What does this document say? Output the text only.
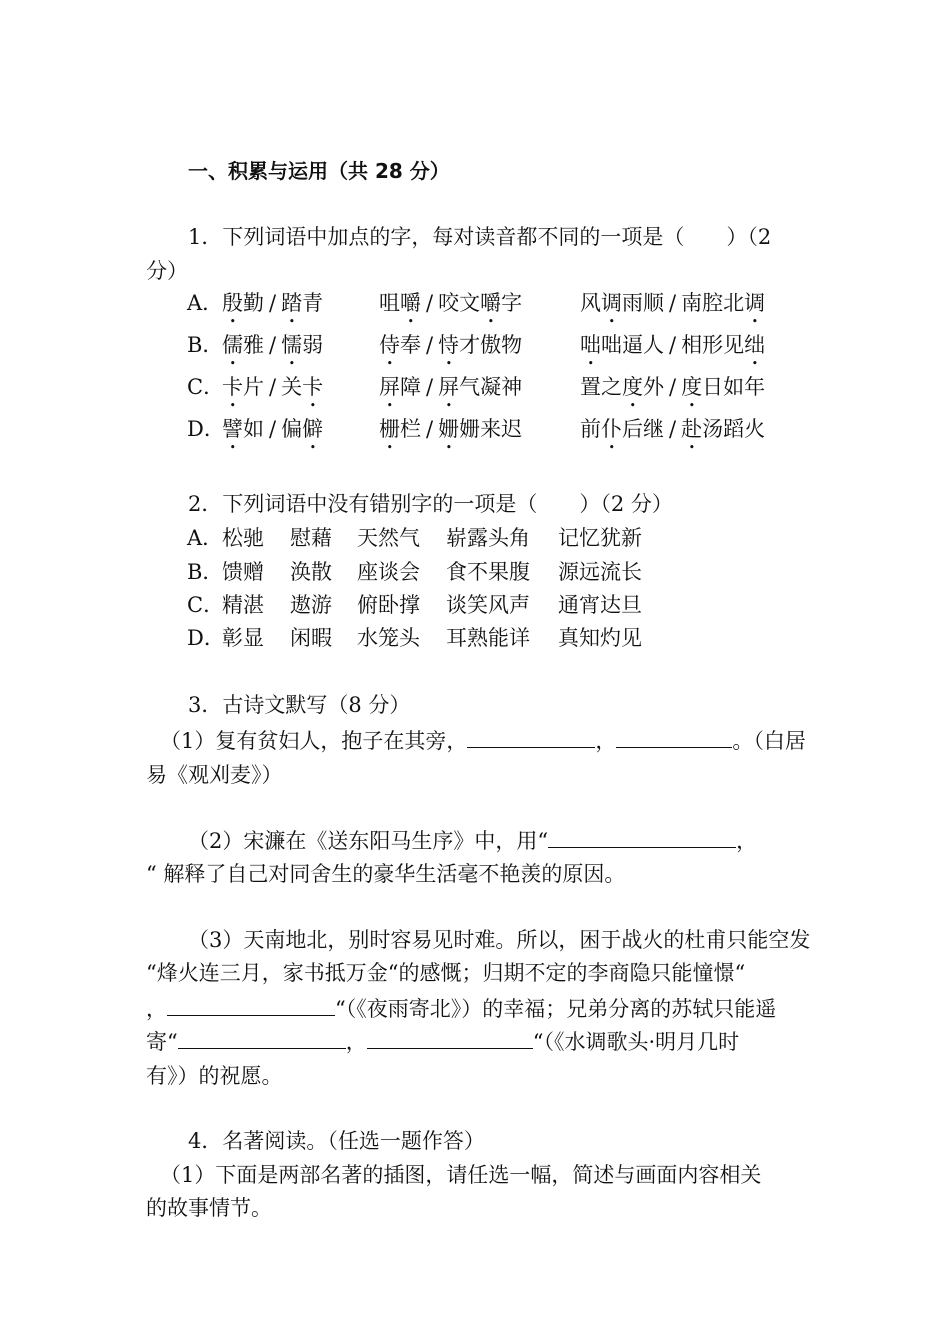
一、积累与运用（共 28 分）
1．下列词语中加点的字，每对读音都不同的一项是（　　）（2
分）
A．
殷勤 / 踏青	咀嚼 / 咬文嚼字	风调雨顺 / 南腔北调
B．
儒雅 / 懦弱	侍奉 / 恃才傲物	咄咄逼人 / 相形见绌
C．
卡片 / 关卡	屏障 / 屏气凝神	置之度外 / 度日如年
D．
譬如 / 偏僻	栅栏 / 姗姗来迟	前仆后继 / 赴汤蹈火
2．下列词语中没有错别字的一项是（　　）（2 分）
A．
松驰 慰藉 天然气 崭露头角 记忆犹新
B．
馈赠 涣散 座谈会 食不果腹 源远流长
C．
精湛 遨游 俯卧撑 谈笑风声 通宵达旦
D．
彰显 闲暇 水笼头 耳熟能详 真知灼见
3．古诗文默写（8 分）
（1）复有贫妇人，抱子在其旁，	，	。（白居
易《观刈麦》）
（2）宋濂在《送东阳马生序》中，用“	，
“ 解释了自己对同舍生的豪华生活毫不艳羡的原因。
（3）天南地北，别时容易见时难。所以，困于战火的杜甫只能空发
“烽火连三月，家书抵万金“的感慨；归期不定的李商隐只能憧憬“
，	“（《夜雨寄北》）的幸福；兄弟分离的苏轼只能遥
寄“	，	“（《水调歌头·明月几时
有》）的祝愿。
4．名著阅读。（任选一题作答）
（1）下面是两部名著的插图，请任选一幅，简述与画面内容相关
的故事情节。
